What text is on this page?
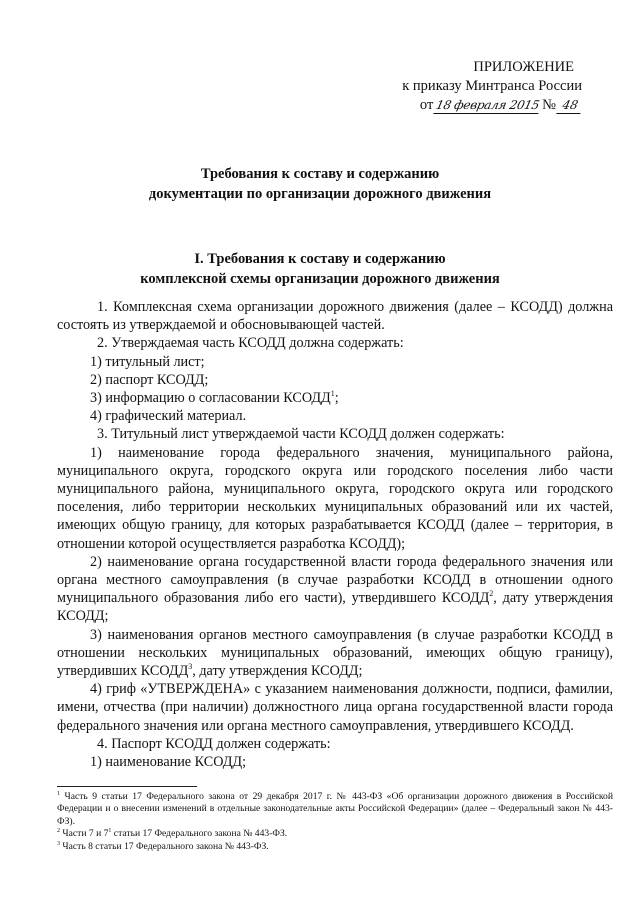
ПРИЛОЖЕНИЕ
к приказу Минтранса России
от 18 февраля 2015 № 48
Требования к составу и содержанию
документации по организации дорожного движения
I. Требования к составу и содержанию
комплексной схемы организации дорожного движения

1. Комплексная схема организации дорожного движения (далее – КСОДД) должна состоять из утверждаемой и обосновывающей частей.

2. Утверждаемая часть КСОДД должна содержать:

1) титульный лист;

2) паспорт КСОДД;

3) информацию о согласовании КСОДД$^1$;

4) графический материал.

3. Титульный лист утверждаемой части КСОДД должен содержать:

1) наименование города федерального значения, муниципального района, муниципального округа, городского округа или городского поселения либо части муниципального района, муниципального округа, городского округа или городского поселения, либо территории нескольких муниципальных образований или их частей, имеющих общую границу, для которых разрабатывается КСОДД (далее – территория, в отношении которой осуществляется разработка КСОДД);

2) наименование органа государственной власти города федерального значения или органа местного самоуправления (в случае разработки КСОДД в отношении одного муниципального образования либо его части), утвердившего КСОДД$^2$, дату утверждения КСОДД;

3) наименования органов местного самоуправления (в случае разработки КСОДД в отношении нескольких муниципальных образований, имеющих общую границу), утвердивших КСОДД$^3$, дату утверждения КСОДД;

4) гриф «УТВЕРЖДЕНА» с указанием наименования должности, подписи, фамилии, имени, отчества (при наличии) должностного лица органа государственной власти города федерального значения или органа местного самоуправления, утвердившего КСОДД.

4. Паспорт КСОДД должен содержать:

1) наименование КСОДД;

$^1$ Часть 9 статьи 17 Федерального закона от 29 декабря 2017 г. № 443-ФЗ «Об организации дорожного движения в Российской Федерации и о внесении изменений в отдельные законодательные акты Российской Федерации» (далее – Федеральный закон № 443-ФЗ).

$^2$ Части 7 и $7^1$ статьи 17 Федерального закона № 443-ФЗ.

$^3$ Часть 8 статьи 17 Федерального закона № 443-ФЗ.
